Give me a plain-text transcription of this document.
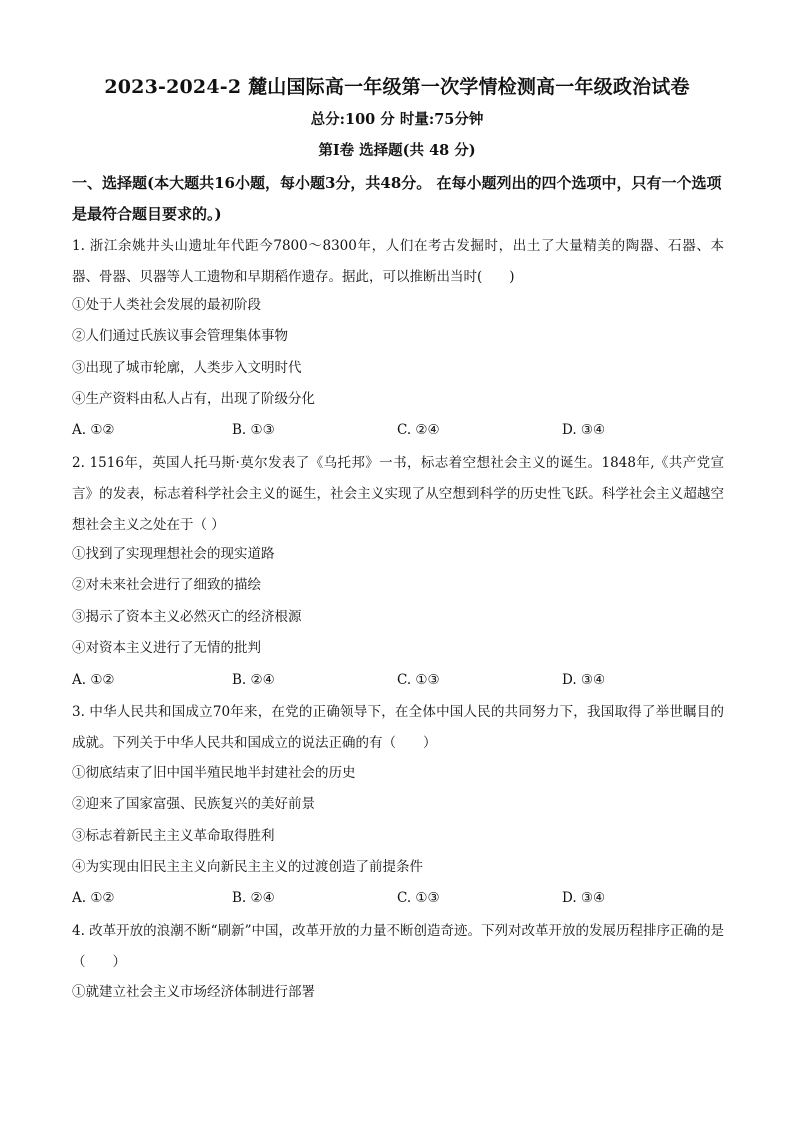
2023-2024-2 麓山国际高一年级第一次学情检测高一年级政治试卷
总分:100 分 时量:75分钟
第Ⅰ卷 选择题(共 48 分)
一、选择题(本大题共16小题，每小题3分，共48分。 在每小题列出的四个选项中，只有一个选项是最符合题目要求的。)
1. 浙江余姚井头山遗址年代距今7800～8300年，人们在考古发掘时，出土了大量精美的陶器、石器、本器、骨器、贝器等人工遗物和早期稻作遗存。据此，可以推断出当时(　　)
①处于人类社会发展的最初阶段
②人们通过氏族议事会管理集体事物
③出现了城市轮廓，人类步入文明时代
④生产资料由私人占有，出现了阶级分化
A. ①②	B. ①③	C. ②④	D. ③④
2. 1516年，英国人托马斯·莫尔发表了《乌托邦》一书，标志着空想社会主义的诞生。1848年,《共产党宣言》的发表，标志着科学社会主义的诞生，社会主义实现了从空想到科学的历史性飞跃。科学社会主义超越空想社会主义之处在于（ ）
①找到了实现理想社会的现实道路
②对未来社会进行了细致的描绘
③揭示了资本主义必然灭亡的经济根源
④对资本主义进行了无情的批判
A. ①②	B. ②④	C. ①③	D. ③④
3. 中华人民共和国成立70年来，在党的正确领导下，在全体中国人民的共同努力下，我国取得了举世瞩目的成就。下列关于中华人民共和国成立的说法正确的有（　　）
①彻底结束了旧中国半殖民地半封建社会的历史
②迎来了国家富强、民族复兴的美好前景
③标志着新民主主义革命取得胜利
④为实现由旧民主主义向新民主主义的过渡创造了前提条件
A. ①②	B. ②④	C. ①③	D. ③④
4. 改革开放的浪潮不断“刷新”中国，改革开放的力量不断创造奇迹。下列对改革开放的发展历程排序正确的是（　　）
①就建立社会主义市场经济体制进行部署
